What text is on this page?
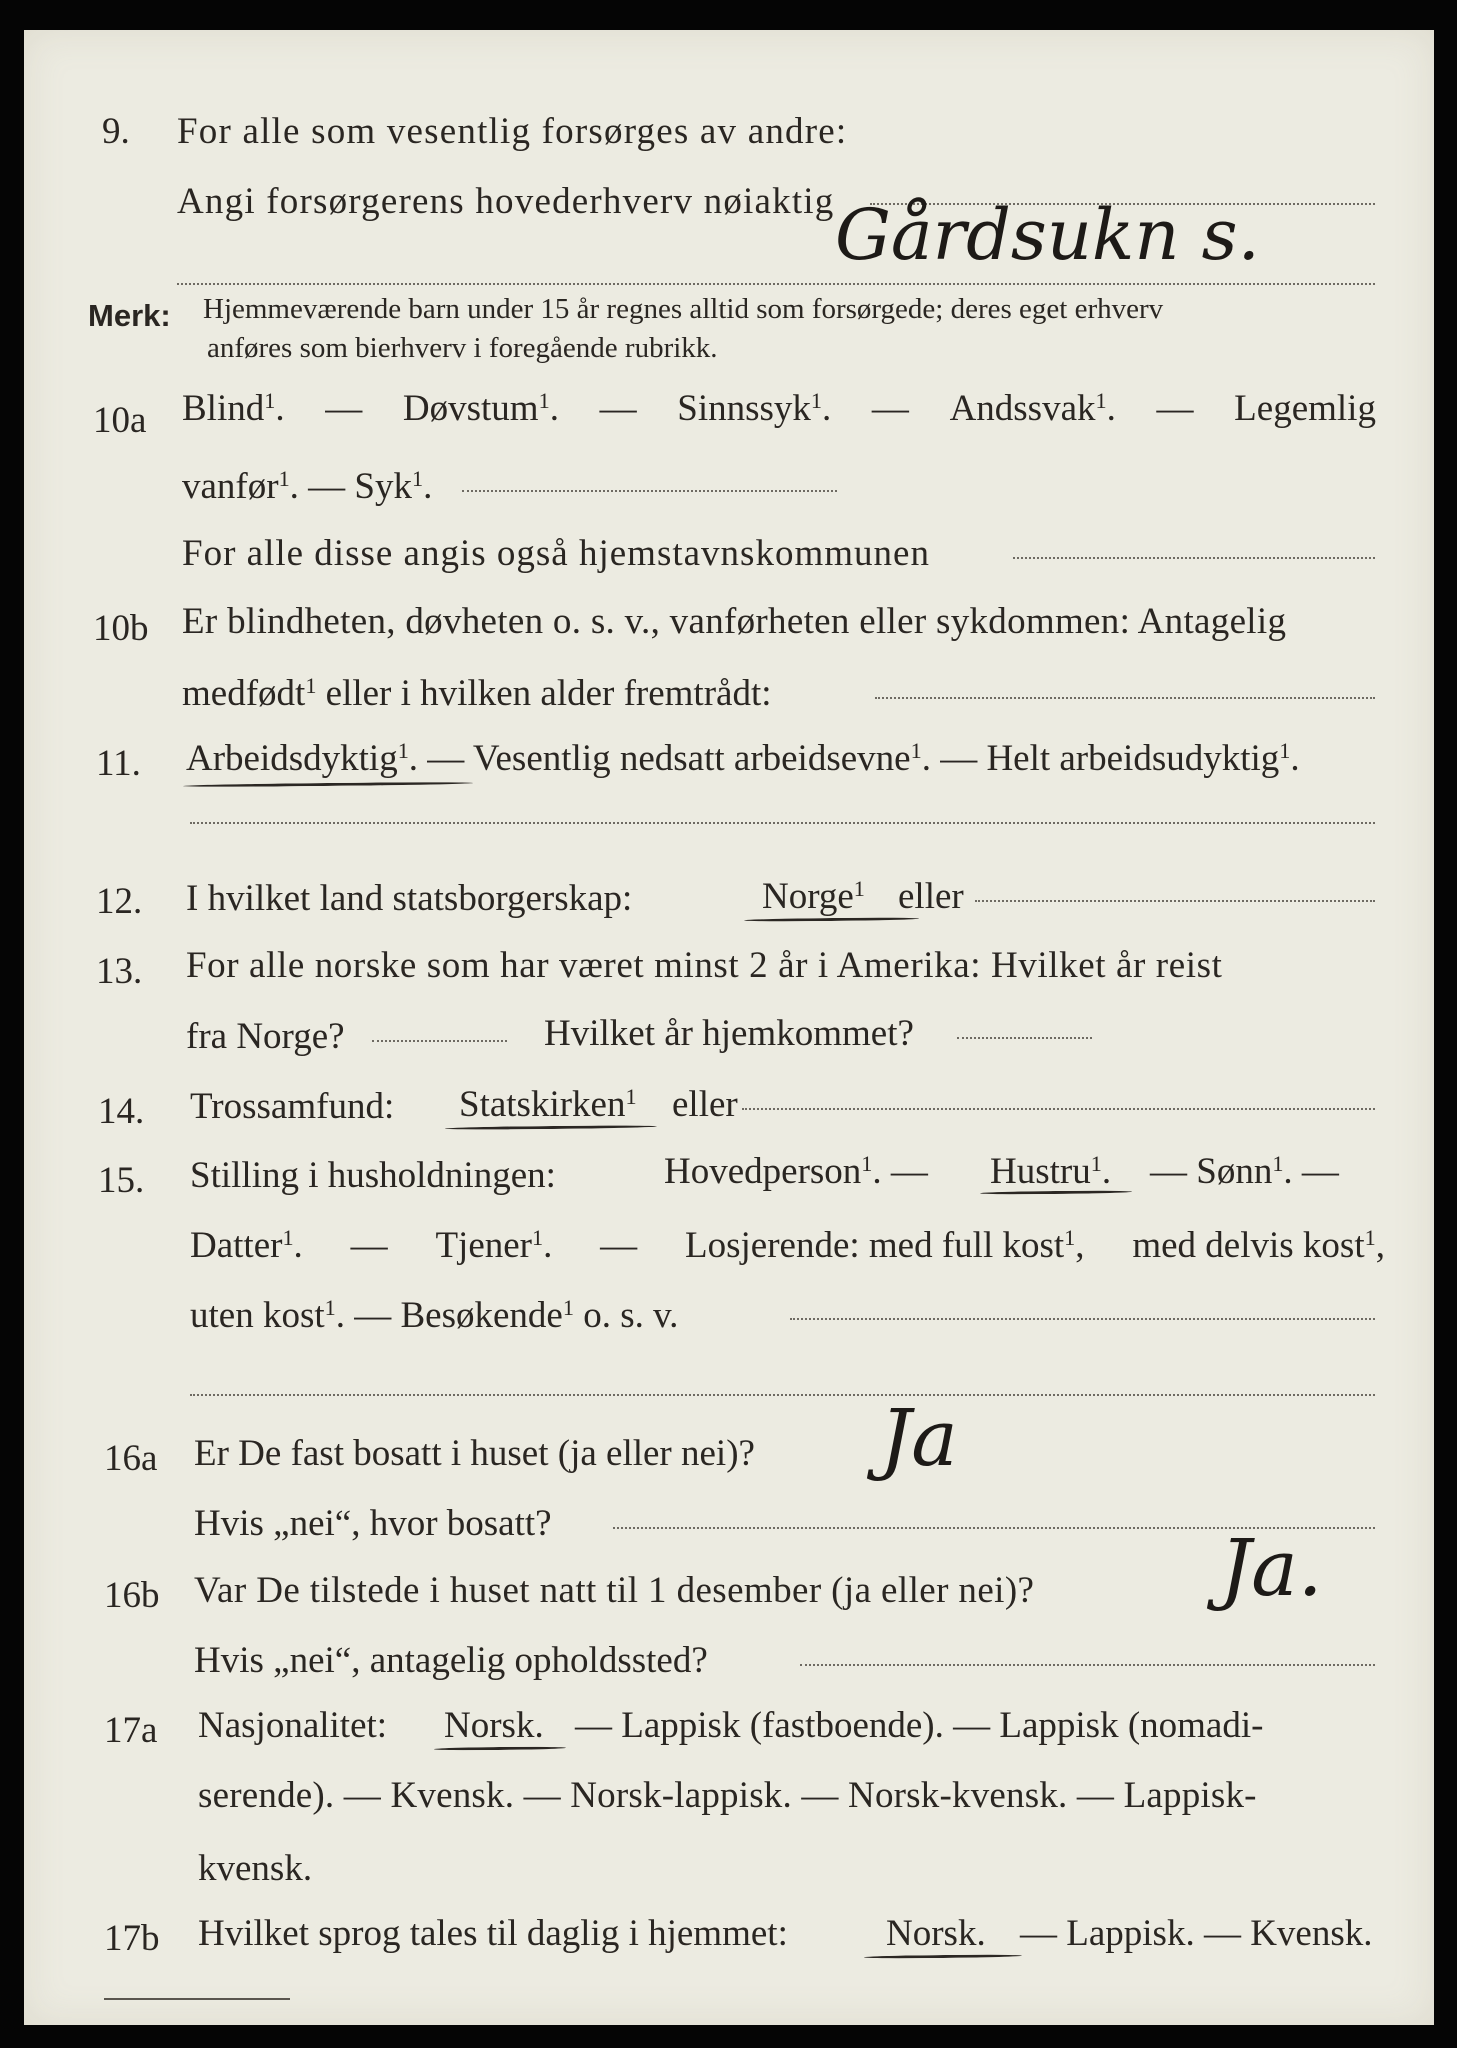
9. For alle som vesentlig forsørges av andre:
Angi forsørgerens hovederhverv nøiaktig Gårdsukn s.
Merk: Hjemmeværende barn under 15 år regnes alltid som forsørgede; deres eget erhverv
anføres som bierhverv i foregående rubrikk.
10a Blind$^1$. — Døvstum$^1$. — Sinnssyk$^1$. — Andssvak$^1$. — Legemlig
vanfør$^1$. — Syk$^1$.
For alle disse angis også hjemstavnskommunen
10b Er blindheten, døvheten o. s. v., vanførheten eller sykdommen: Antagelig
medfødt$^1$ eller i hvilken alder fremtrådt:
11. Arbeidsdyktig$^1$. — Vesentlig nedsatt arbeidsevne$^1$. — Helt arbeidsudyktig$^1$.
12. I hvilket land statsborgerskap:	Norge$^1$ eller
13. For alle norske som har været minst 2 år i Amerika: Hvilket år reist
fra Norge?	Hvilket år hjemkommet?
14. Trossamfund: Statskirken$^1$ eller
15. Stilling i husholdningen:	Hovedperson$^1$. — Hustru$^1$. — Sønn$^1$. —
Datter$^1$. — Tjener$^1$. — Losjerende: med full kost$^1$, med delvis kost$^1$,
uten kost$^1$. — Besøkende$^1$ o. s. v.
16a Er De fast bosatt i huset (ja eller nei)? Ja
Hvis „nei“, hvor bosatt?
16b Var De tilstede i huset natt til 1 desember (ja eller nei)? Ja.
Hvis „nei“, antagelig opholdssted?
17a Nasjonalitet: Norsk. — Lappisk (fastboende). — Lappisk (nomadi-
serende). — Kvensk. — Norsk-lappisk. — Norsk-kvensk. — Lappisk-
kvensk.
17b Hvilket sprog tales til daglig i hjemmet:	Norsk. — Lappisk. — Kvensk.
